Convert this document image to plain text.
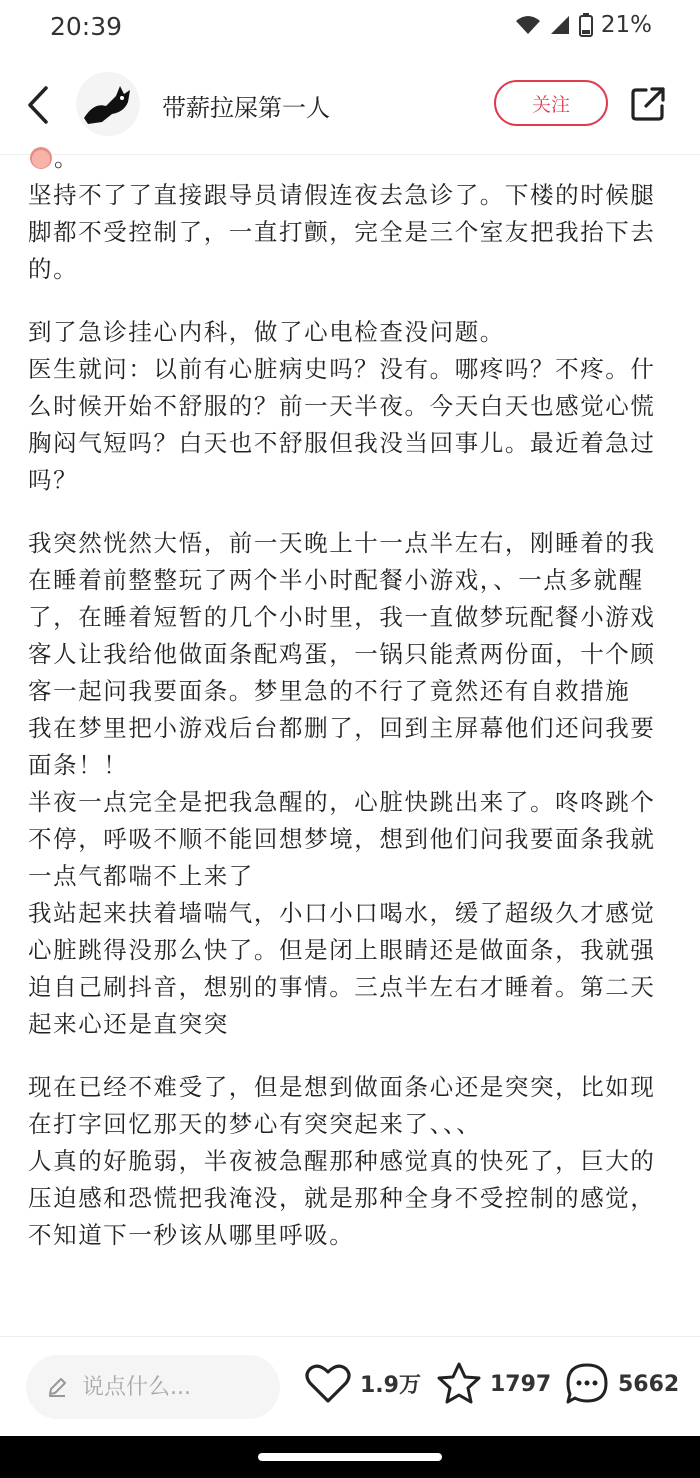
20:39	21%
带薪拉屎第一人	关注

。
坚持不了了直接跟导员请假连夜去急诊了。下楼的时候腿脚都不受控制了，一直打颤，完全是三个室友把我抬下去的。

到了急诊挂心内科，做了心电检查没问题。
医生就问：以前有心脏病史吗？没有。哪疼吗？不疼。什么时候开始不舒服的？前一天半夜。今天白天也感觉心慌胸闷气短吗？白天也不舒服但我没当回事儿。最近着急过吗？

我突然恍然大悟，前一天晚上十一点半左右，刚睡着的我在睡着前整整玩了两个半小时配餐小游戏，、一点多就醒了，在睡着短暂的几个小时里，我一直做梦玩配餐小游戏
客人让我给他做面条配鸡蛋，一锅只能煮两份面，十个顾客一起问我要面条。梦里急的不行了竟然还有自救措施
我在梦里把小游戏后台都删了，回到主屏幕他们还问我要面条！！
半夜一点完全是把我急醒的，心脏快跳出来了。咚咚跳个不停，呼吸不顺不能回想梦境，想到他们问我要面条我就一点气都喘不上来了
我站起来扶着墙喘气，小口小口喝水，缓了超级久才感觉心脏跳得没那么快了。但是闭上眼睛还是做面条，我就强迫自己刷抖音，想别的事情。三点半左右才睡着。第二天起来心还是直突突

现在已经不难受了，但是想到做面条心还是突突，比如现在打字回忆那天的梦心有突突起来了、、、
人真的好脆弱，半夜被急醒那种感觉真的快死了，巨大的压迫感和恐慌把我淹没，就是那种全身不受控制的感觉，不知道下一秒该从哪里呼吸。

说点什么...
1.9万	1797	5662
